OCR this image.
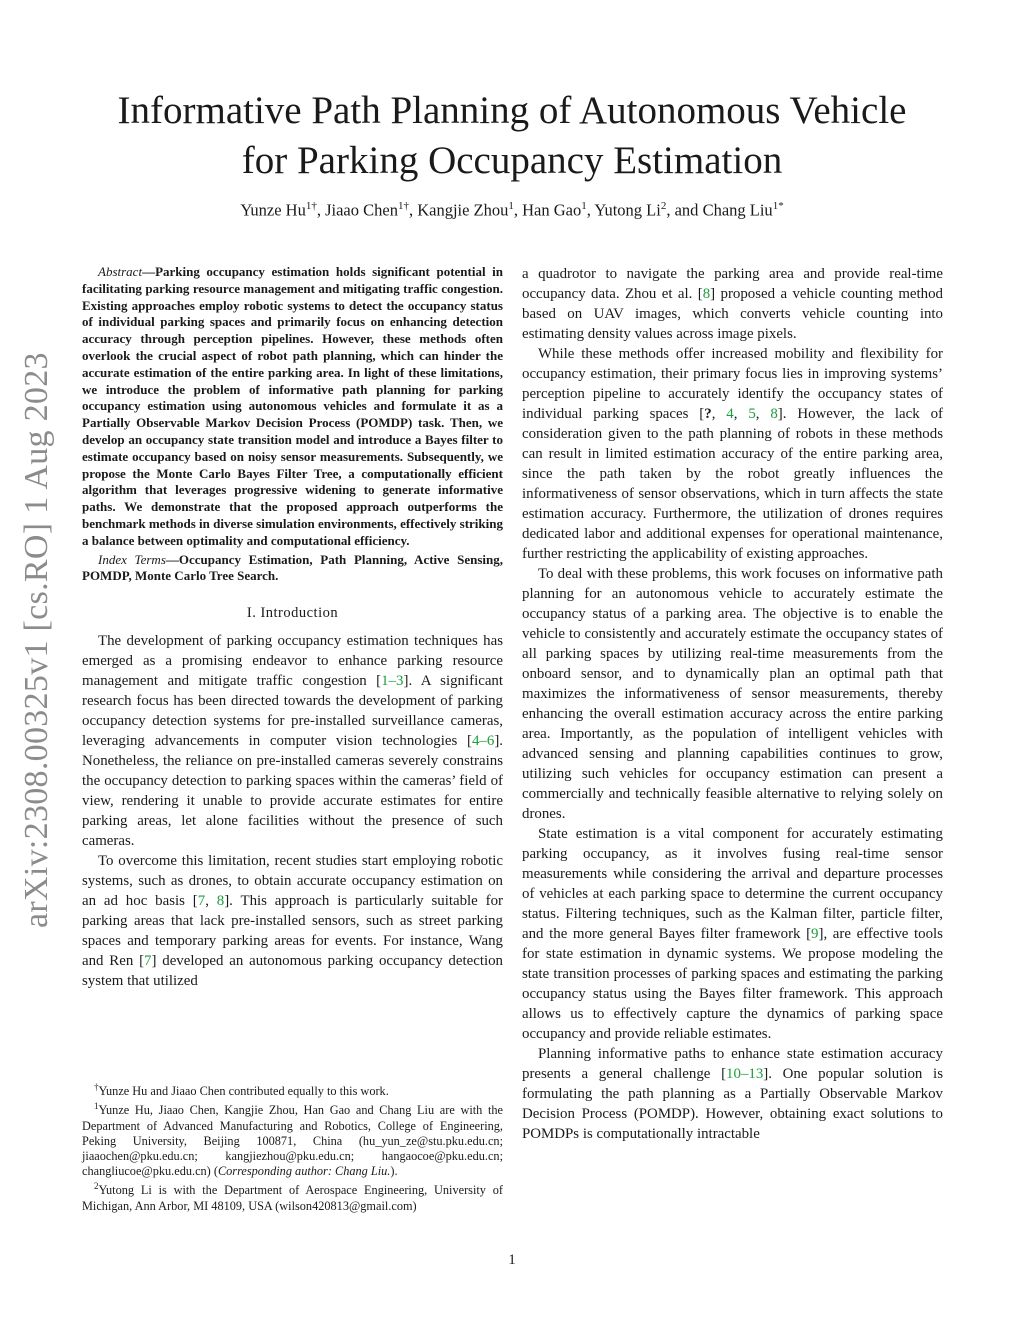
Informative Path Planning of Autonomous Vehicle
for Parking Occupancy Estimation
Yunze $Hu^{1\dagger}$, Jiaao Chen$^{1\dagger}$, Kangjie Zhou$^1$, Han Gao$^1$, Yutong Li$^2$, and Chang Liu$^{1*}$
arXiv:2308.00325v1 [cs.RO] 1 Aug 2023
Abstract—Parking occupancy estimation holds significant potential in facilitating parking resource management and mitigating traffic congestion. Existing approaches employ robotic systems to detect the occupancy status of individual parking spaces and primarily focus on enhancing detection accuracy through perception pipelines. However, these methods often overlook the crucial aspect of robot path planning, which can hinder the accurate estimation of the entire parking area. In light of these limitations, we introduce the problem of informative path planning for parking occupancy estimation using autonomous vehicles and formulate it as a Partially Observable Markov Decision Process (POMDP) task. Then, we develop an occupancy state transition model and introduce a Bayes filter to estimate occupancy based on noisy sensor measurements. Subsequently, we propose the Monte Carlo Bayes Filter Tree, a computationally efficient algorithm that leverages progressive widening to generate informative paths. We demonstrate that the proposed approach outperforms the benchmark methods in diverse simulation environments, effectively striking a balance between optimality and computational efficiency.
Index Terms—Occupancy Estimation, Path Planning, Active Sensing, POMDP, Monte Carlo Tree Search.
I. Introduction

The development of parking occupancy estimation techniques has emerged as a promising endeavor to enhance parking resource management and mitigate traffic congestion [1–3]. A significant research focus has been directed towards the development of parking occupancy detection systems for pre-installed surveillance cameras, leveraging advancements in computer vision technologies [4–6]. Nonetheless, the reliance on pre-installed cameras severely constrains the occupancy detection to parking spaces within the cameras’ field of view, rendering it unable to provide accurate estimates for entire parking areas, let alone facilities without the presence of such cameras.

To overcome this limitation, recent studies start employing robotic systems, such as drones, to obtain accurate occupancy estimation on an ad hoc basis [7, 8]. This approach is particularly suitable for parking areas that lack pre-installed sensors, such as street parking spaces and temporary parking areas for events. For instance, Wang and Ren [7] developed an autonomous parking occupancy detection system that utilized

a quadrotor to navigate the parking area and provide real-time occupancy data. Zhou et al. [8] proposed a vehicle counting method based on UAV images, which converts vehicle counting into estimating density values across image pixels.

While these methods offer increased mobility and flexibility for occupancy estimation, their primary focus lies in improving systems’ perception pipeline to accurately identify the occupancy states of individual parking spaces [?, 4, 5, 8]. However, the lack of consideration given to the path planning of robots in these methods can result in limited estimation accuracy of the entire parking area, since the path taken by the robot greatly influences the informativeness of sensor observations, which in turn affects the state estimation accuracy. Furthermore, the utilization of drones requires dedicated labor and additional expenses for operational maintenance, further restricting the applicability of existing approaches.

To deal with these problems, this work focuses on informative path planning for an autonomous vehicle to accurately estimate the occupancy status of a parking area. The objective is to enable the vehicle to consistently and accurately estimate the occupancy states of all parking spaces by utilizing real-time measurements from the onboard sensor, and to dynamically plan an optimal path that maximizes the informativeness of sensor measurements, thereby enhancing the overall estimation accuracy across the entire parking area. Importantly, as the population of intelligent vehicles with advanced sensing and planning capabilities continues to grow, utilizing such vehicles for occupancy estimation can present a commercially and technically feasible alternative to relying solely on drones.

State estimation is a vital component for accurately estimating parking occupancy, as it involves fusing real-time sensor measurements while considering the arrival and departure processes of vehicles at each parking space to determine the current occupancy status. Filtering techniques, such as the Kalman filter, particle filter, and the more general Bayes filter framework [9], are effective tools for state estimation in dynamic systems. We propose modeling the state transition processes of parking spaces and estimating the parking occupancy status using the Bayes filter framework. This approach allows us to effectively capture the dynamics of parking space occupancy and provide reliable estimates.

Planning informative paths to enhance state estimation accuracy presents a general challenge [10–13]. One popular solution is formulating the path planning as a Partially Observable Markov Decision Process (POMDP). However, obtaining exact solutions to POMDPs is computationally intractable

†Yunze Hu and Jiaao Chen contributed equally to this work.

$^1$Yunze Hu, Jiaao Chen, Kangjie Zhou, Han Gao and Chang Liu are with the Department of Advanced Manufacturing and Robotics, College of Engineering, Peking University, Beijing 100871, China (hu_yun_ze@stu.pku.edu.cn; jiaaochen@pku.edu.cn; kangjiezhou@pku.edu.cn; hangaocoe@pku.edu.cn; changliucoe@pku.edu.cn) (Corresponding author: Chang Liu.).

$^2$Yutong Li is with the Department of Aerospace Engineering, University of Michigan, Ann Arbor, MI 48109, USA (wilson420813@gmail.com)

1
